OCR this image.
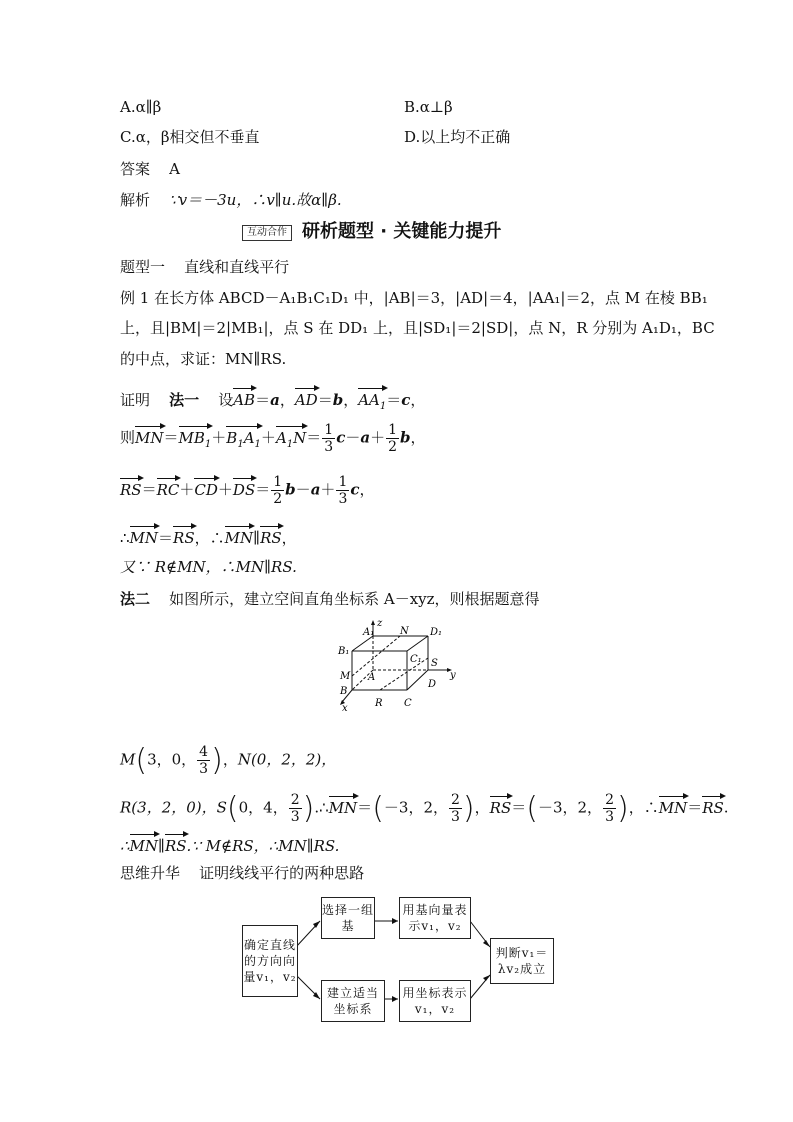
A.α∥β	B.α⊥β
C.α，β相交但不垂直	D.以上均不正确
答案 A
解析 ∵v＝－3u，∴v∥u.故α∥β.
互动合作 研析题型 · 关键能力提升
题型一 直线和直线平行
例 1 在长方体 ABCD－A₁B₁C₁D₁ 中，|AB|＝3，|AD|＝4，|AA₁|＝2，点 M 在棱 BB₁
上，且|BM|＝2|MB₁|，点 S 在 DD₁ 上，且|SD₁|＝2|SD|，点 N，R 分别为 A₁D₁，BC
的中点，求证：MN∥RS.
证明 法一 设AB＝a，AD＝b，$AA_1=c$，
则$MN=MB_1+B_1A_1+A_1N= \frac{1}{3} c-a+ \frac{1}{2}$ b，
$RS=RC+CD+DS= \frac{1}{2} b-a+ \frac{1}{3}$ c，
∴MN＝RS，∴MN∥RS，
又∵ R∉MN，∴MN∥RS.
法二 如图所示，建立空间直角坐标系 A－xyz，则根据题意得
A₁
z
N D₁
B₁
C₁ S
M A	y
B
D
x	R C
M(3，0， $\frac{4}{3}$ )，N(0，2，2)，
R(3，2，0)，S(0，4， $\frac{2}{3}$ ).∴MN＝(－3，2， $\frac{2}{3}$ )，RS＝(－3，2， $\frac{2}{3}$ )，∴MN＝RS.
∴MN∥RS.∵ M∉RS，∴MN∥RS.
思维升华 证明线线平行的两种思路
确定直线的方向向量v₁，v₂
选择一组基
用基向量表示v₁，v₂
建立适当坐标系
用坐标表示v₁，v₂
判断v₁＝λv₂成立
